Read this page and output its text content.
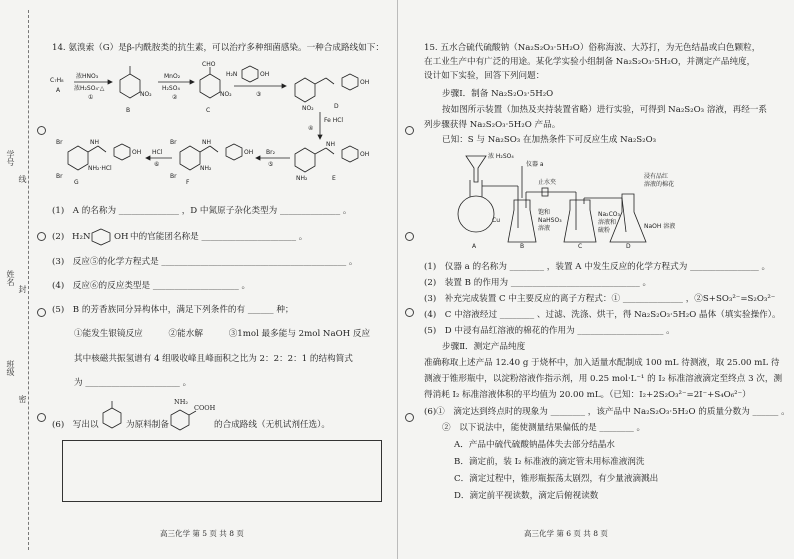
学号
姓名
班级
线
封
密
14. 氨溴索（G）是β-内酰胺类的抗生素，可以治疗多种细菌感染。一种合成路线如下：
C₇H₈
A
浓HNO₃
浓H₂SO₄·△
①	NO₂
B
MnO₂
H₂SO₄
②
CHO
NO₂
C
H₂N	OH
③
OH
NO₂	D
Fe HCl
④
NH
OH
NH₂	E
Br₂
⑤
Br
Br
NH
OH
NH₂
F
HCl
⑥
Br
Br
NH
OH
NH₂·HCl
G
(1)　A 的名称为 ______________ ，D 中氮原子杂化类型为 ______________ 。
(2) H₂N	OH 中的官能团名称是 ______________________ 。
(3)　反应⑤的化学方程式是 ___________________________________________ 。
(4)　反应⑥的反应类型是 ____________________ 。
(5)　B 的芳香族同分异构体中，满足下列条件的有 ______ 种；
①能发生银镜反应　　　②能水解　　　③1mol 最多能与 2mol NaOH 反应
其中核磁共振氢谱有 4 组吸收峰且峰面积之比为 2：2：2：1 的结构简式
为 ______________________ 。
(6)　写出以	为原料制备
NH₂
COOH
的合成路线（无机试剂任选）。
高三化学 第 5 页 共 8 页
15. 五水合硫代硫酸钠（Na₂S₂O₃·5H₂O）俗称海波、大苏打，为无色结晶或白色颗粒，
在工业生产中有广泛的用途。某化学实验小组制备 Na₂S₂O₃·5H₂O，并测定产品纯度，
设计如下实验，回答下列问题：
步骤Ⅰ．制备 Na₂S₂O₃·5H₂O
按如图所示装置（加热及夹持装置省略）进行实验，可得到 Na₂S₂O₃ 溶液，再经一系
列步骤获得 Na₂S₂O₃·5H₂O 产品。
已知：S 与 Na₂SO₃ 在加热条件下可反应生成 Na₂S₂O₃
浓 H₂SO₄
仪器 a
止水夹
Cu
饱和
NaHSO₃
溶液
Na₂CO₃
溶液和
硫粉
浸有品红
溶液的棉花
NaOH 溶液
A	B	C	D
(1)　仪器 a 的名称为 ________ ，装置 A 中发生反应的化学方程式为 ________________ 。
(2)　装置 B 的作用为 ______________________________ 。
(3)　补充完成装置 C 中主要反应的离子方程式：① ______________ ，②S+SO₃²⁻=S₂O₃²⁻
(4)　C 中溶液经过 ________ 、过滤、洗涤、烘干，得 Na₂S₂O₃·5H₂O 晶体（填实验操作）。
(5)　D 中浸有品红溶液的棉花的作用为 ____________________ 。
步骤Ⅱ．测定产品纯度
准确称取上述产品 12.40 g 于烧杯中，加入适量水配制成 100 mL 待测液，取 25.00 mL 待
测液于锥形瓶中，以淀粉溶液作指示剂，用 0.25 mol·L⁻¹ 的 I₂ 标准溶液滴定至终点 3 次，测
得消耗 I₂ 标准溶液体积的平均值为 20.00 mL。（已知：I₂+2S₂O₃²⁻=2I⁻+S₄O₆²⁻）
(6)①　滴定达到终点时的现象为 ________ ，该产品中 Na₂S₂O₃·5H₂O 的质量分数为 ______ 。
②　以下说法中，能使测量结果偏低的是 ________ 。
A．产品中硫代硫酸钠晶体失去部分结晶水
B．滴定前，装 I₂ 标准液的滴定管未用标准液润洗
C．滴定过程中，锥形瓶振荡太剧烈，有少量液滴溅出
D．滴定前平视读数，滴定后俯视读数
高三化学 第 6 页 共 8 页
